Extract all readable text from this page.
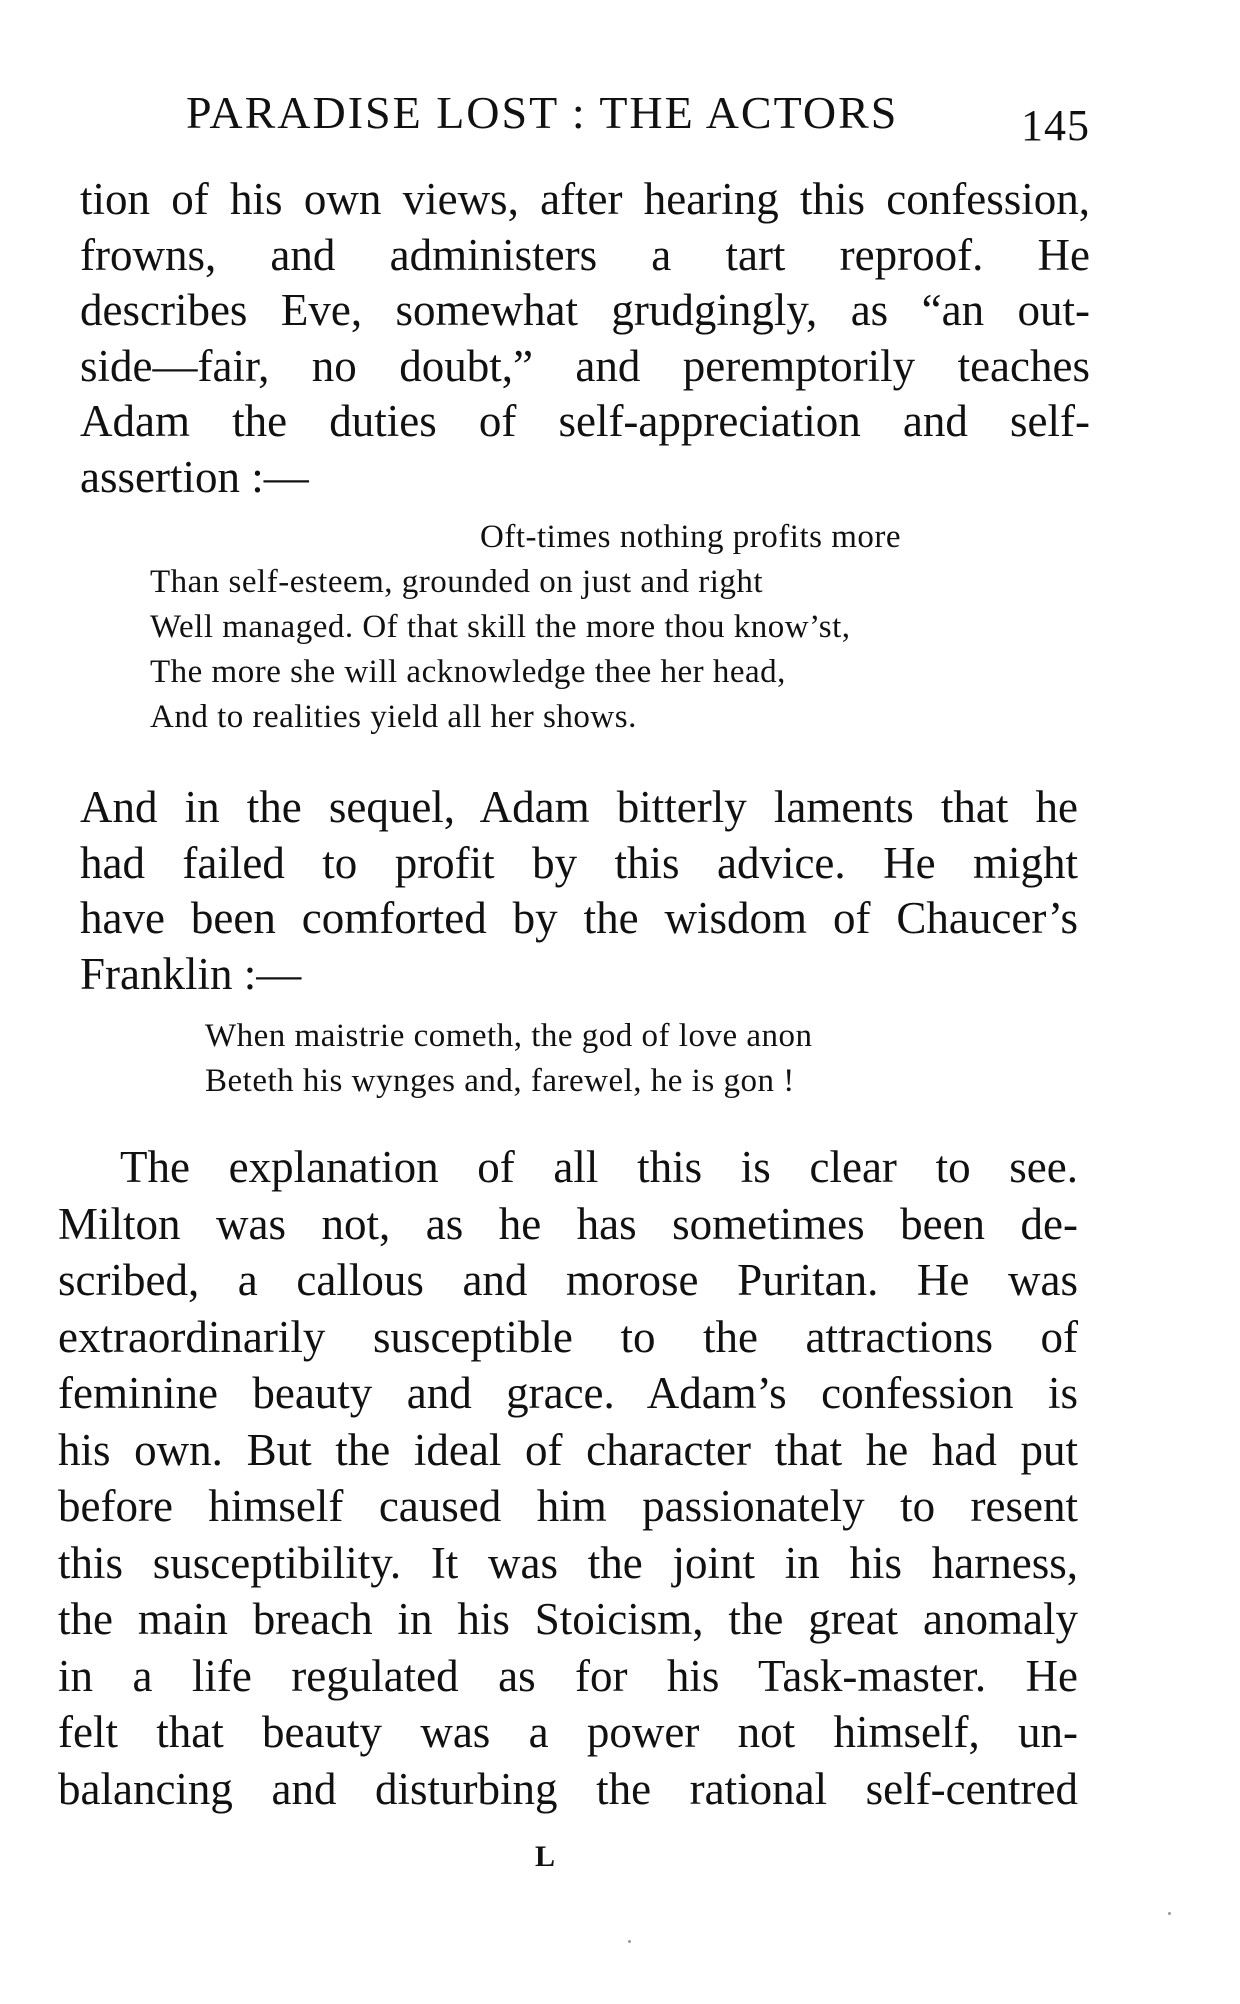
PARADISE LOST : THE ACTORS	145
tion of his own views, after hearing this confession,
frowns, and administers a tart reproof. He
describes Eve, somewhat grudgingly, as “an out-
side—fair, no doubt,” and peremptorily teaches
Adam the duties of self-appreciation and self-
assertion :—
Oft-times nothing profits more
Than self-esteem, grounded on just and right
Well managed. Of that skill the more thou know’st,
The more she will acknowledge thee her head,
And to realities yield all her shows.
And in the sequel, Adam bitterly laments that he
had failed to profit by this advice. He might
have been comforted by the wisdom of Chaucer’s
Franklin :—
When maistrie cometh, the god of love anon
Beteth his wynges and, farewel, he is gon !
The explanation of all this is clear to see.
Milton was not, as he has sometimes been de-
scribed, a callous and morose Puritan. He was
extraordinarily susceptible to the attractions of
feminine beauty and grace. Adam’s confession is
his own. But the ideal of character that he had put
before himself caused him passionately to resent
this susceptibility. It was the joint in his harness,
the main breach in his Stoicism, the great anomaly
in a life regulated as for his Task-master. He
felt that beauty was a power not himself, un-
balancing and disturbing the rational self-centred
L
